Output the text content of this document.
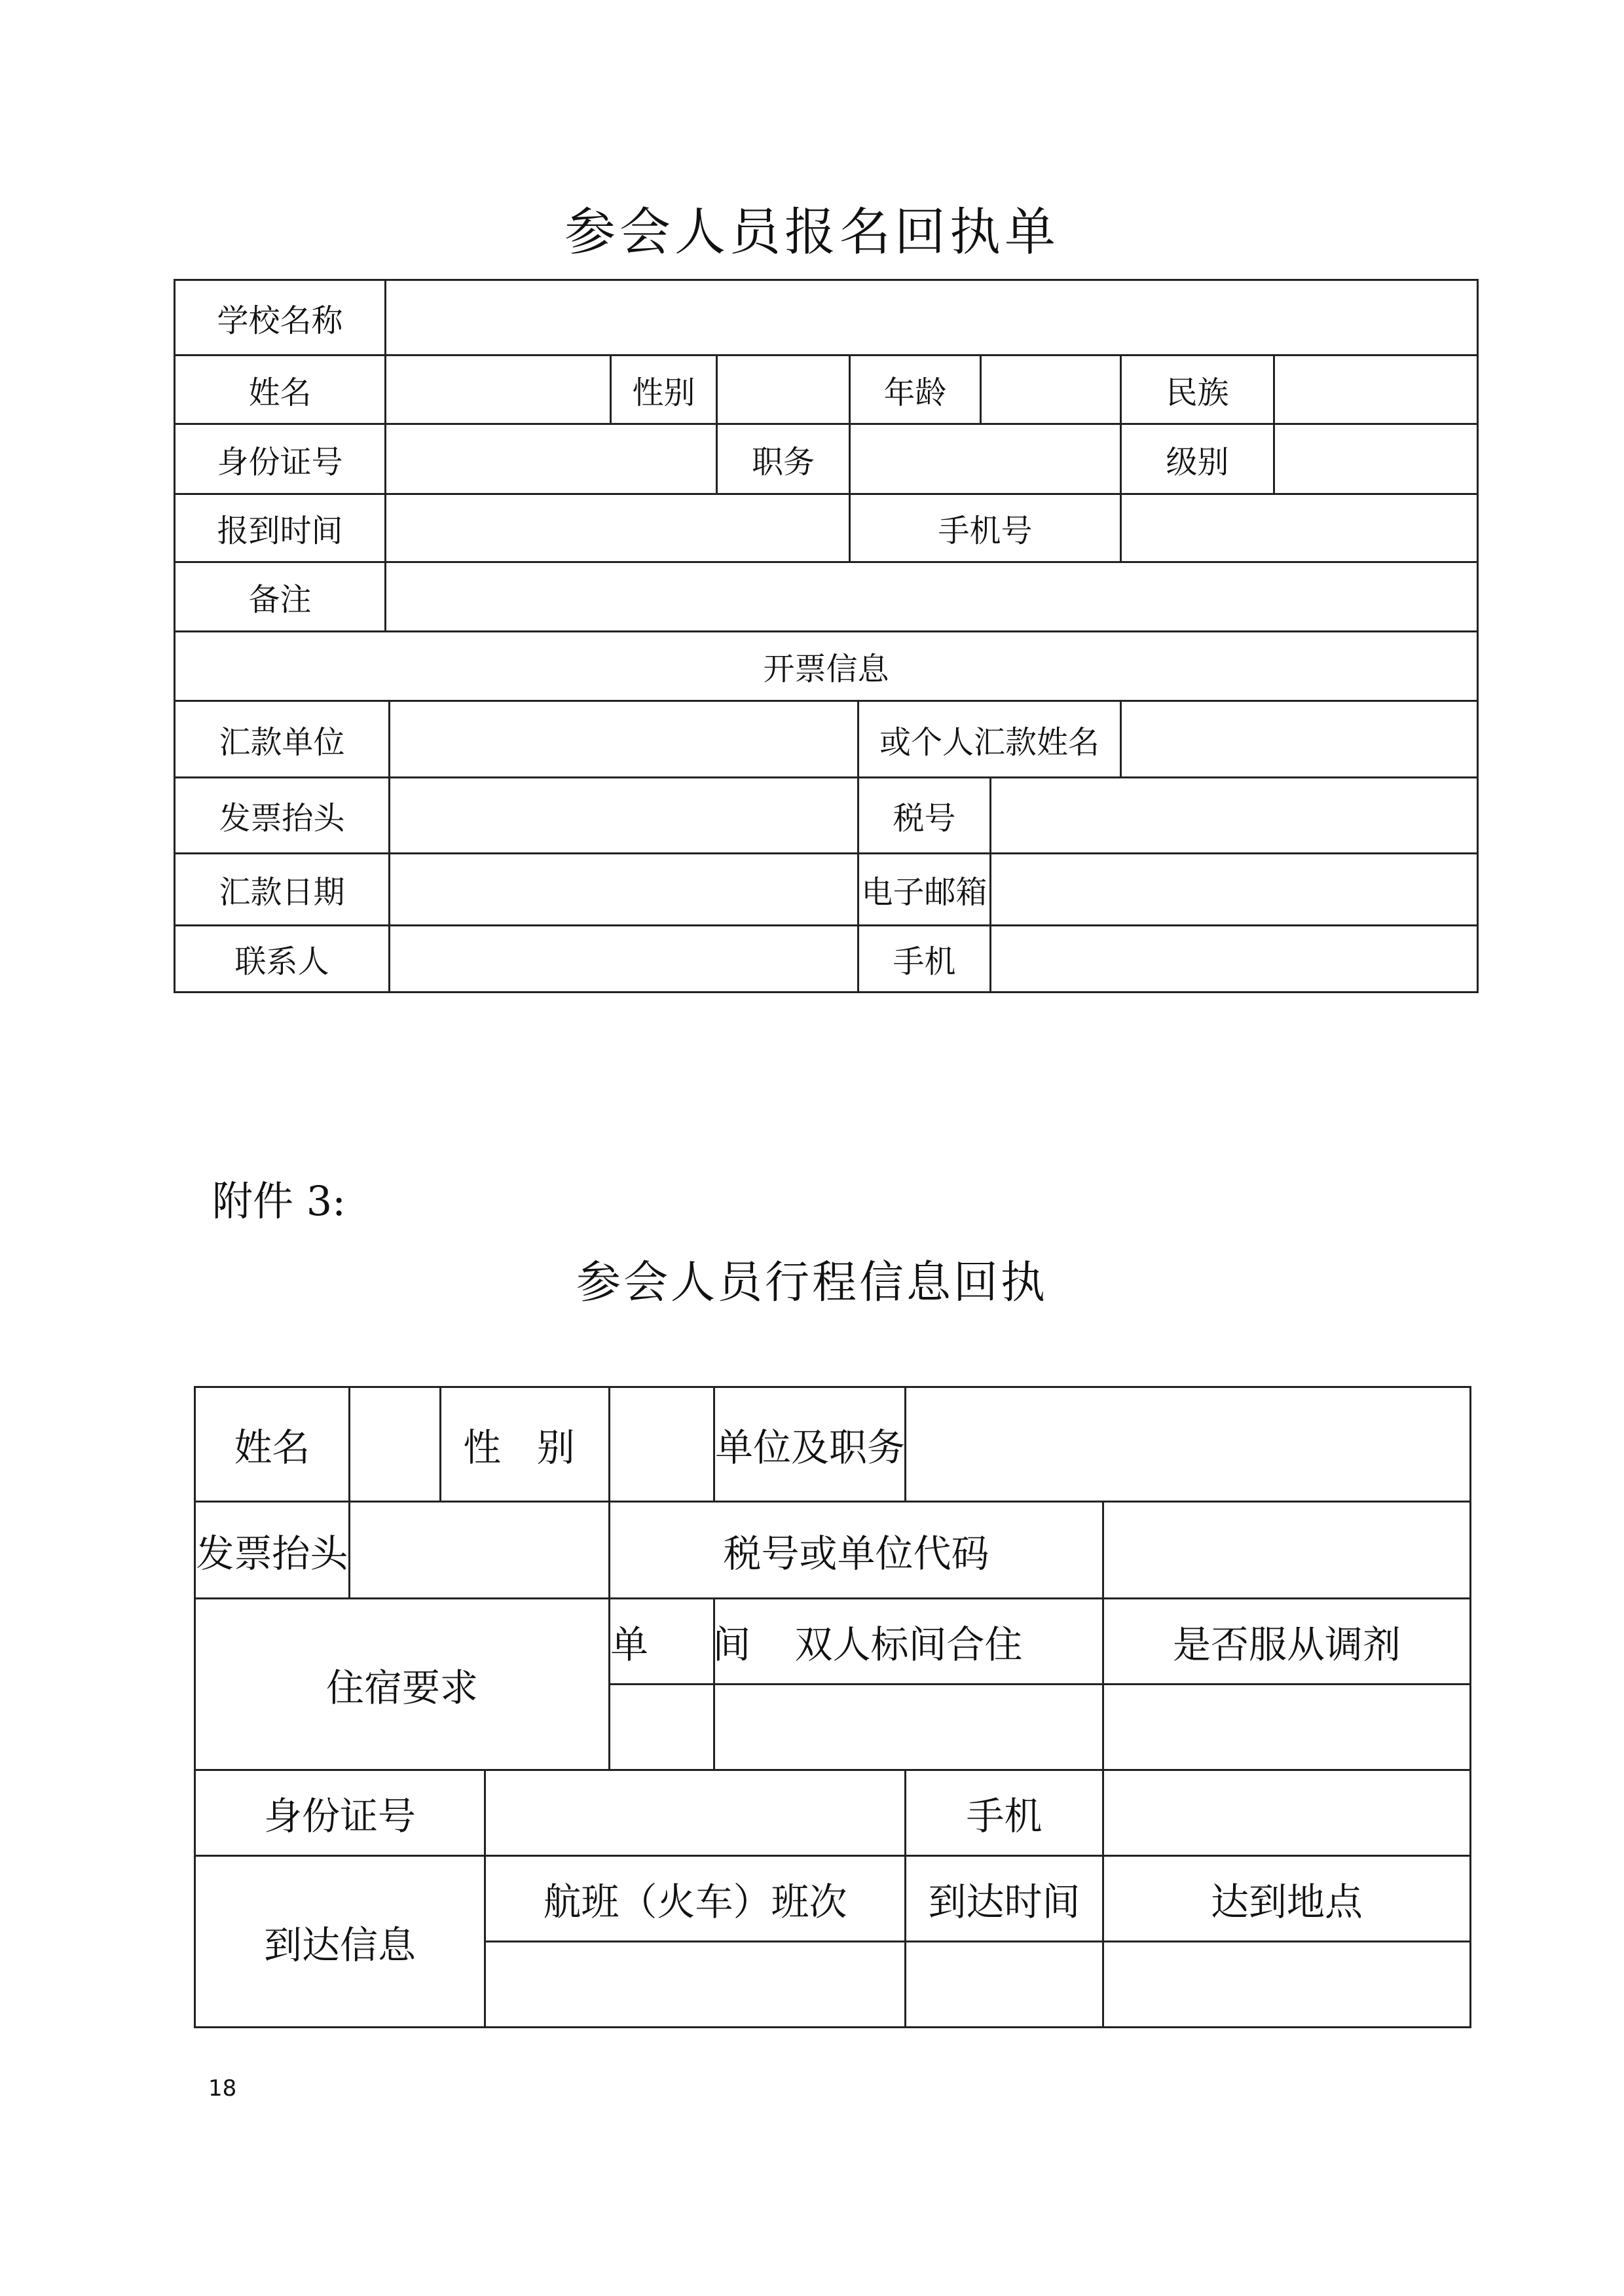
参会人员报名回执单
学校名称										
姓名			性别		年龄				民族	
身份证号				职务					级别	
报到时间					手机号					
备注										
开票信息										
汇款单位						或个人汇款姓名				
发票抬头						税号				
汇款日期						电子邮箱				
联系人						手机				
附件 3:
参会人员行程信息回执
姓名		性 别			单位及职务		
发票抬头				税号或单位代码			
住宿要求				单 间	双人标间合住		是否服从调剂

身份证号						手机	
到达信息			航班（火车）班次			到达时间	达到地点

18
